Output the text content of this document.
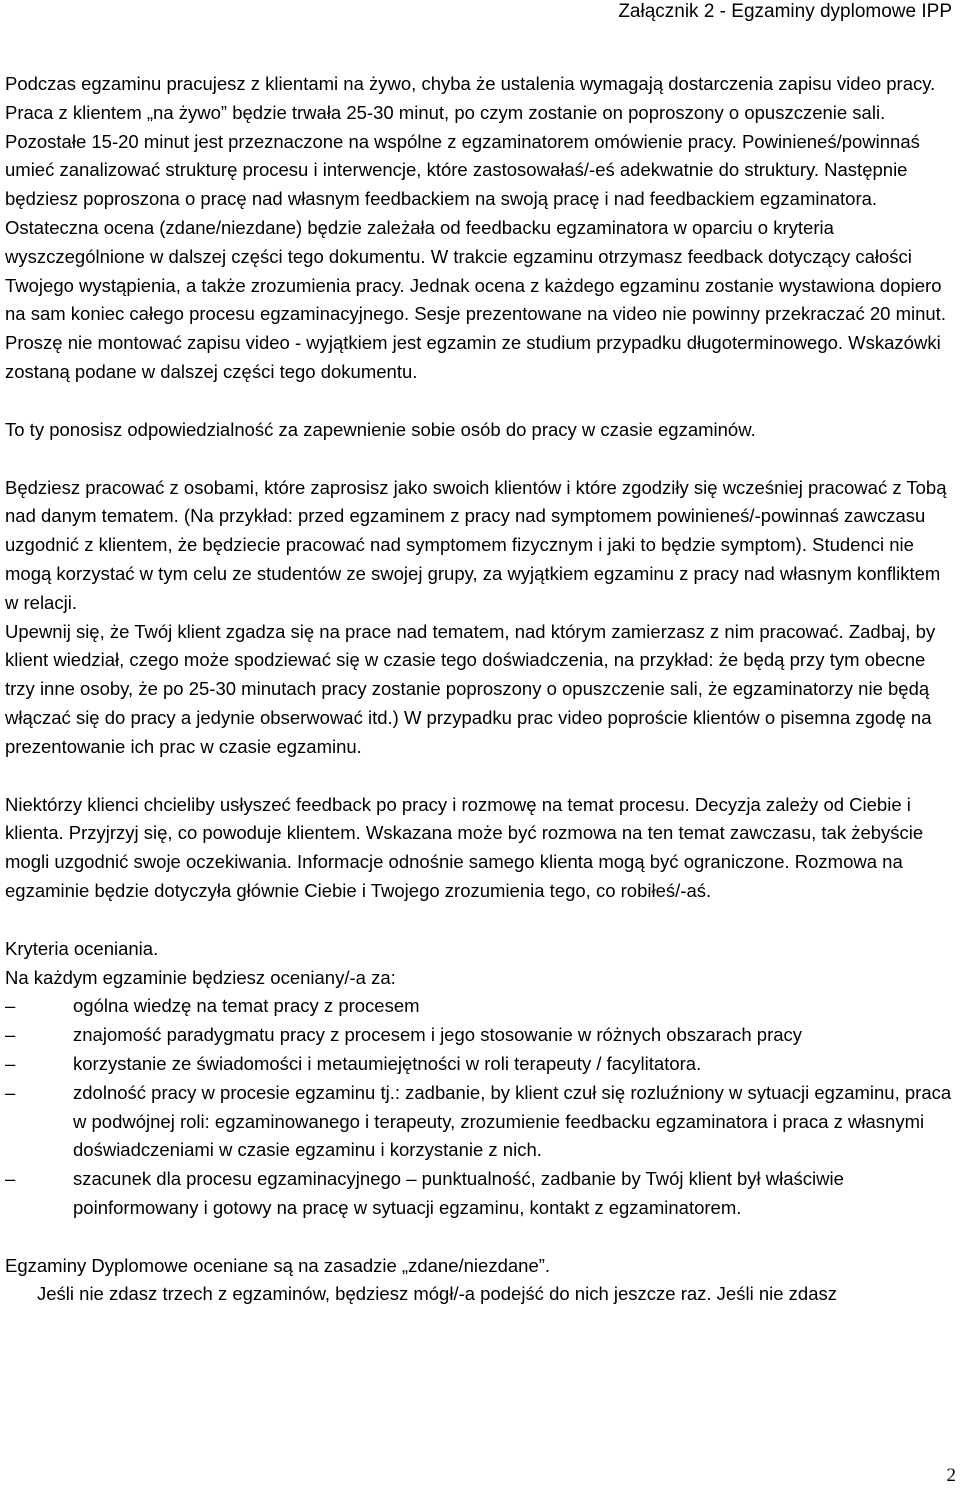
Załącznik 2 - Egzaminy dyplomowe IPP

Podczas egzaminu pracujesz z klientami na żywo, chyba że ustalenia wymagają dostarczenia zapisu video pracy. Praca z klientem „na żywo” będzie trwała 25-30 minut, po czym zostanie on poproszony o opuszczenie sali. Pozostałe 15-20 minut jest przeznaczone na wspólne z egzaminatorem omówienie pracy. Powinieneś/powinnaś umieć zanalizować strukturę procesu i interwencje, które zastosowałaś/-eś adekwatnie do struktury. Następnie będziesz poproszona o pracę nad własnym feedbackiem na swoją pracę i nad feedbackiem egzaminatora. Ostateczna ocena (zdane/niezdane) będzie zależała od feedbacku egzaminatora w oparciu o kryteria wyszczególnione w dalszej części tego dokumentu. W trakcie egzaminu otrzymasz feedback dotyczący całości Twojego wystąpienia, a także zrozumienia pracy. Jednak ocena z każdego egzaminu zostanie wystawiona dopiero na sam koniec całego procesu egzaminacyjnego. Sesje prezentowane na video nie powinny przekraczać 20 minut. Proszę nie montować zapisu video - wyjątkiem jest egzamin ze studium przypadku długoterminowego. Wskazówki zostaną podane w dalszej części tego dokumentu.

To ty ponosisz odpowiedzialność za zapewnienie sobie osób do pracy w czasie egzaminów.

Będziesz pracować z osobami, które zaprosisz jako swoich klientów i które zgodziły się wcześniej pracować z Tobą nad danym tematem. (Na przykład: przed egzaminem z pracy nad symptomem powinieneś/-powinnaś zawczasu uzgodnić z klientem, że będziecie pracować nad symptomem fizycznym i jaki to będzie symptom). Studenci nie mogą korzystać w tym celu ze studentów ze swojej grupy, za wyjątkiem egzaminu z pracy nad własnym konfliktem w relacji.

Upewnij się, że Twój klient zgadza się na prace nad tematem, nad którym zamierzasz z nim pracować. Zadbaj, by klient wiedział, czego może spodziewać się w czasie tego doświadczenia, na przykład: że będą przy tym obecne trzy inne osoby, że po 25-30 minutach pracy zostanie poproszony o opuszczenie sali, że egzaminatorzy nie będą włączać się do pracy a jedynie obserwować itd.) W przypadku prac video poproście klientów o pisemna zgodę na prezentowanie ich prac w czasie egzaminu.

Niektórzy klienci chcieliby usłyszeć feedback po pracy i rozmowę na temat procesu. Decyzja zależy od Ciebie i klienta. Przyjrzyj się, co powoduje klientem. Wskazana może być rozmowa na ten temat zawczasu, tak żebyście mogli uzgodnić swoje oczekiwania. Informacje odnośnie samego klienta mogą być ograniczone. Rozmowa na egzaminie będzie dotyczyła głównie Ciebie i Twojego zrozumienia tego, co robiłeś/-aś.

Kryteria oceniania.

Na każdym egzaminie będziesz oceniany/-a za:

–	ogólna wiedzę na temat pracy z procesem
–	znajomość paradygmatu pracy z procesem i jego stosowanie w różnych obszarach pracy
–	korzystanie ze świadomości i metaumiejętności w roli terapeuty / facylitatora.
–	zdolność pracy w procesie egzaminu tj.: zadbanie, by klient czuł się rozluźniony w sytuacji egzaminu, praca w podwójnej roli: egzaminowanego i terapeuty, zrozumienie feedbacku egzaminatora i praca z własnymi doświadczeniami w czasie egzaminu i korzystanie z nich.
–	szacunek dla procesu egzaminacyjnego – punktualność, zadbanie by Twój klient był właściwie poinformowany i gotowy na pracę w sytuacji egzaminu, kontakt z egzaminatorem.

Egzaminy Dyplomowe oceniane są na zasadzie „zdane/niezdane”.

Jeśli nie zdasz trzech z egzaminów, będziesz mógł/-a podejść do nich jeszcze raz. Jeśli nie zdasz

2
